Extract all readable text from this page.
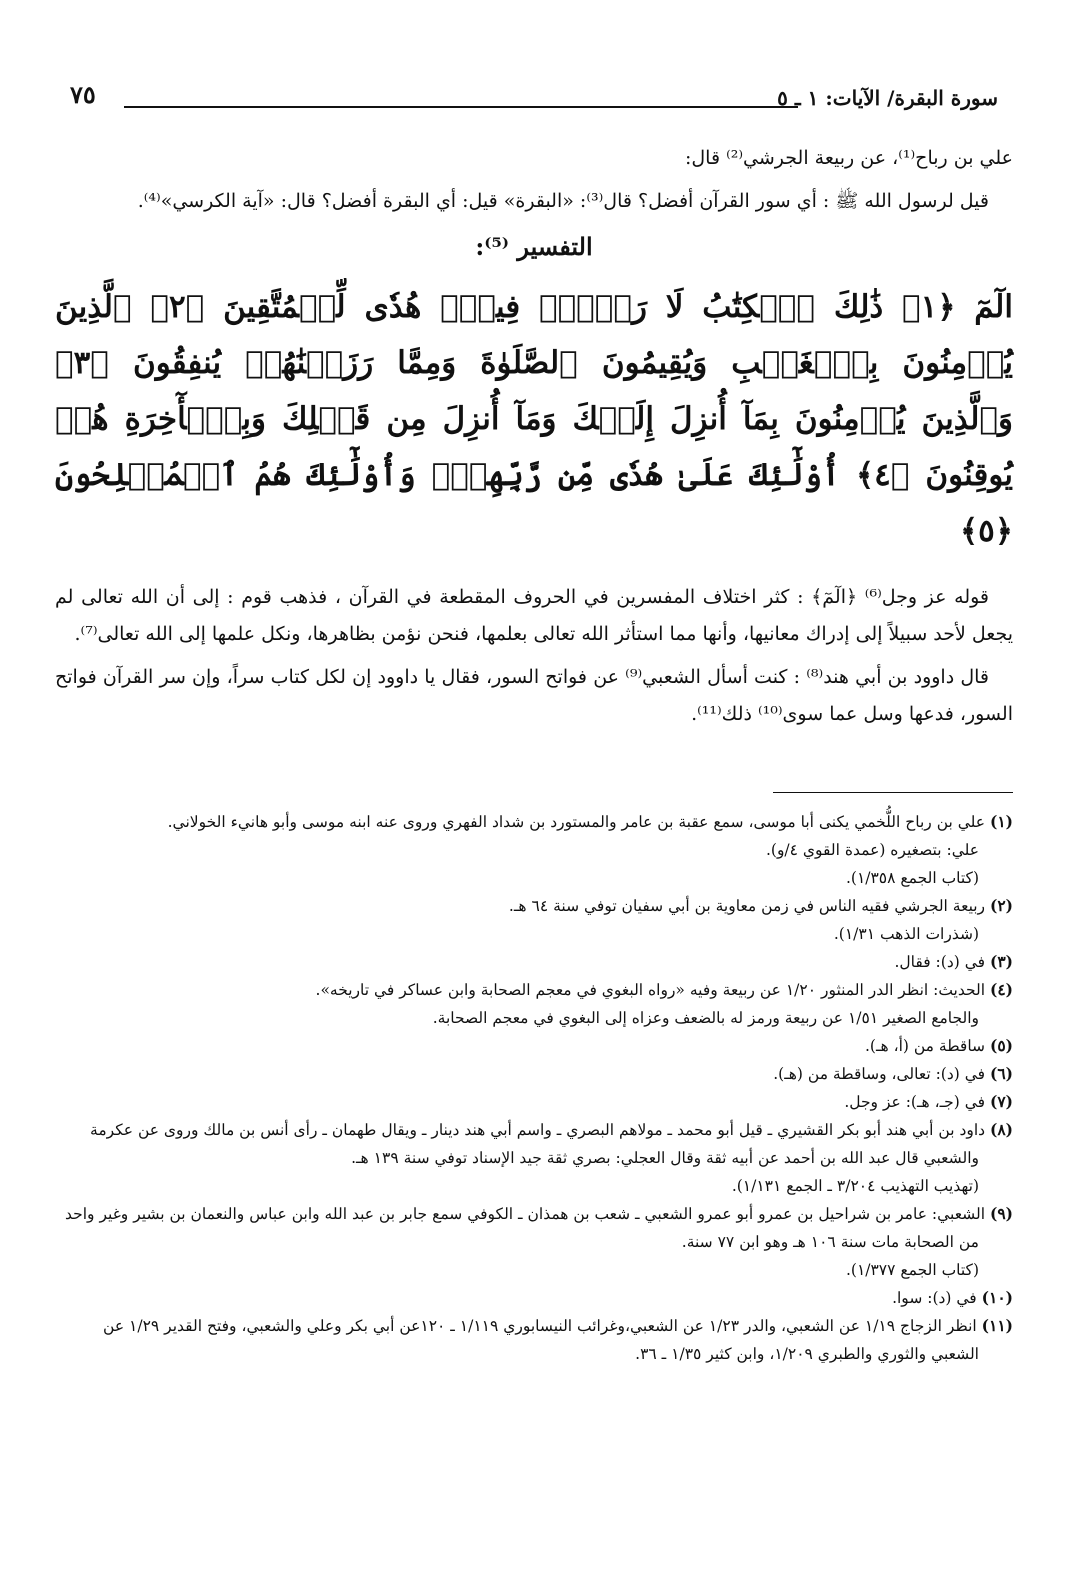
سورة البقرة/ الآيات: ١ ـ ٥
٧٥

علي بن رباح⁽¹⁾، عن ربيعة الجرشي⁽²⁾ قال:

قيل لرسول الله ﷺ : أي سور القرآن أفضل؟ قال⁽³⁾: «البقرة» قيل: أي البقرة أفضل؟ قال: «آية الكرسي»⁽⁴⁾.

التفسير ⁽⁵⁾:
الٓمٓ ﴿١﴾ ذَٰلِكَ ٱلۡكِتَٰبُ لَا رَيۡبَۛ فِيهِۛ هُدٗى لِّلۡمُتَّقِينَ ﴿٢﴾ ٱلَّذِينَ يُؤۡمِنُونَ بِٱلۡغَيۡبِ وَيُقِيمُونَ ٱلصَّلَوٰةَ وَمِمَّا رَزَقۡنَٰهُمۡ يُنفِقُونَ ﴿٣﴾ وَٱلَّذِينَ يُؤۡمِنُونَ بِمَآ أُنزِلَ إِلَيۡكَ وَمَآ أُنزِلَ مِن قَبۡلِكَ وَبِٱلۡأٓخِرَةِ هُمۡ يُوقِنُونَ ﴿٤﴾ أُوْلَٰٓئِكَ عَلَىٰ هُدٗى مِّن رَّبِّهِمۡۖ وَأُوْلَٰٓئِكَ هُمُ ٱلۡمُفۡلِحُونَ ﴿٥﴾

قوله عز وجل⁽⁶⁾ ﴿الٓمٓ﴾ : كثر اختلاف المفسرين في الحروف المقطعة في القرآن ، فذهب قوم : إلى أن الله تعالى لم يجعل لأحد سبيلاً إلى إدراك معانيها، وأنها مما استأثر الله تعالى بعلمها، فنحن نؤمن بظاهرها، ونكل علمها إلى الله تعالى⁽⁷⁾.

قال داوود بن أبي هند⁽⁸⁾ : كنت أسأل الشعبي⁽⁹⁾ عن فواتح السور، فقال يا داوود إن لكل كتاب سراً، وإن سر القرآن فواتح السور، فدعها وسل عما سوى⁽¹⁰⁾ ذلك⁽¹¹⁾.

(١) علي بن رباح اللُّخمي يكنى أبا موسى، سمع عقبة بن عامر والمستورد بن شداد الفهري وروى عنه ابنه موسى وأبو هانيء الخولاني.

علي: بتصغيره (عمدة القوي ٤/و).

(كتاب الجمع ١/٣٥٨).

(٢) ربيعة الجرشي فقيه الناس في زمن معاوية بن أبي سفيان توفي سنة ٦٤ هـ.

(شذرات الذهب ١/٣١).

(٣) في (د): فقال.

(٤) الحديث: انظر الدر المنثور ١/٢٠ عن ربيعة وفيه «رواه البغوي في معجم الصحابة وابن عساكر في تاريخه».

والجامع الصغير ١/٥١ عن ربيعة ورمز له بالضعف وعزاه إلى البغوي في معجم الصحابة.

(٥) ساقطة من (أ، هـ).

(٦) في (د): تعالى، وساقطة من (هـ).

(٧) في (جـ، هـ): عز وجل.

(٨) داود بن أبي هند أبو بكر القشيري ـ قيل أبو محمد ـ مولاهم البصري ـ واسم أبي هند دينار ـ ويقال طهمان ـ رأى أنس بن مالك وروى عن عكرمة والشعبي قال عبد الله بن أحمد عن أبيه ثقة وقال العجلي: بصري ثقة جيد الإسناد توفي سنة ١٣٩ هـ.

(تهذيب التهذيب ٣/٢٠٤ ـ الجمع ١/١٣١).

(٩) الشعبي: عامر بن شراحيل بن عمرو أبو عمرو الشعبي ـ شعب بن همذان ـ الكوفي سمع جابر بن عبد الله وابن عباس والنعمان بن بشير وغير واحد من الصحابة مات سنة ١٠٦ هـ وهو ابن ٧٧ سنة.

(كتاب الجمع ١/٣٧٧).

(١٠) في (د): سوا.

(١١) انظر الزجاج ١/١٩ عن الشعبي، والدر ١/٢٣ عن الشعبي،وغرائب النيسابوري ١/١١٩ ـ ١٢٠عن أبي بكر وعلي والشعبي، وفتح القدير ١/٢٩ عن الشعبي والثوري والطبري ١/٢٠٩، وابن كثير ١/٣٥ ـ ٣٦.
